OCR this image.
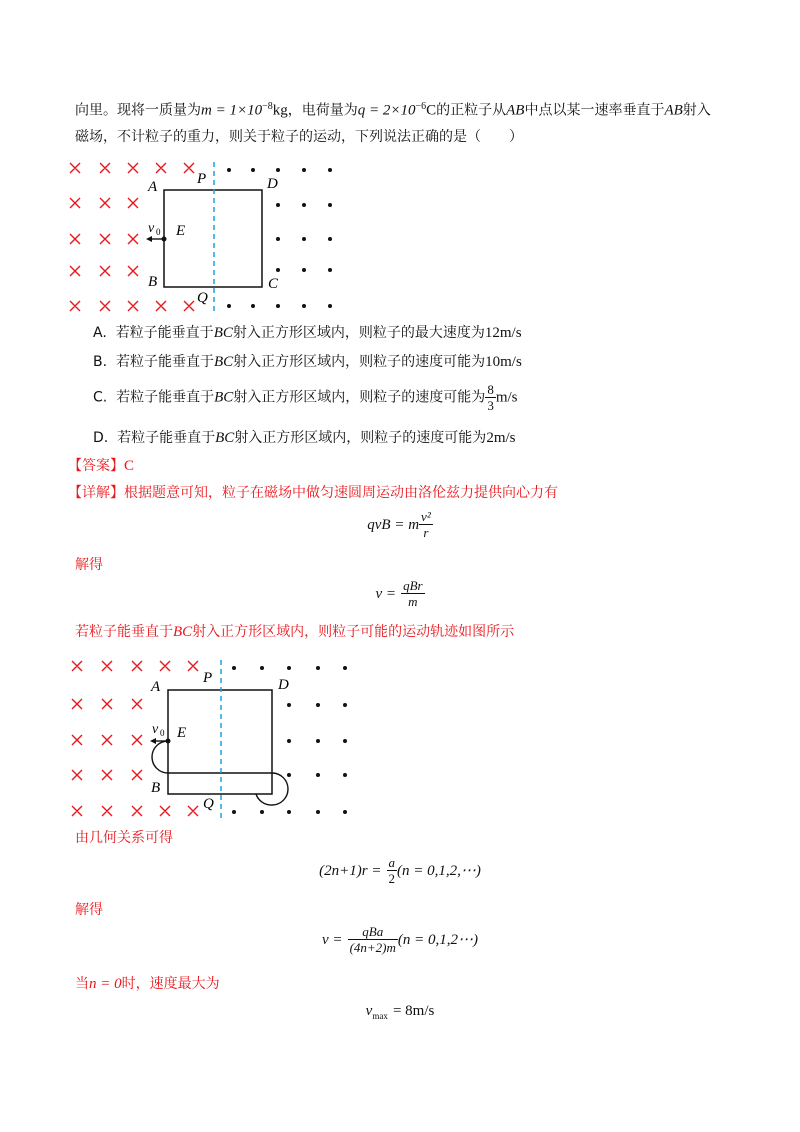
向里。现将一质量为$m = 1\times 10^{-8}kg$，电荷量为$q = 2\times 10^{-6}C$的正粒子从AB中点以某一速率垂直于AB射入
磁场，不计粒子的重力，则关于粒子的运动，下列说法正确的是（　　）
A
B	C
D
P
Q
E
v 0
A. 若粒子能垂直于BC射入正方形区域内，则粒子的最大速度为12m/s
B. 若粒子能垂直于BC射入正方形区域内，则粒子的速度可能为10m/s
C. 若粒子能垂直于BC射入正方形区域内，则粒子的速度可能为 $\frac{8}{3} m/s$
D. 若粒子能垂直于BC射入正方形区域内，则粒子的速度可能为2m/s
【答案】C
【详解】根据题意可知，粒子在磁场中做匀速圆周运动由洛伦兹力提供向心力有
qvB = m $\frac{\text{v²}}{r}$
解得
$v = \frac{\text{qBr}}{m}$
若粒子能垂直于BC射入正方形区域内，则粒子可能的运动轨迹如图所示
A
B
D
P
Q
E
v 0
由几何关系可得
$(2n+1)r = \frac{a}{2} (n$ = 0,1,2,⋯)
解得
$v = \frac{\text{qBa}}{(4n+2)m} (n$ = 0,1,2⋯)
当n = 0时，速度最大为
$v_{max} = 8m/s$
